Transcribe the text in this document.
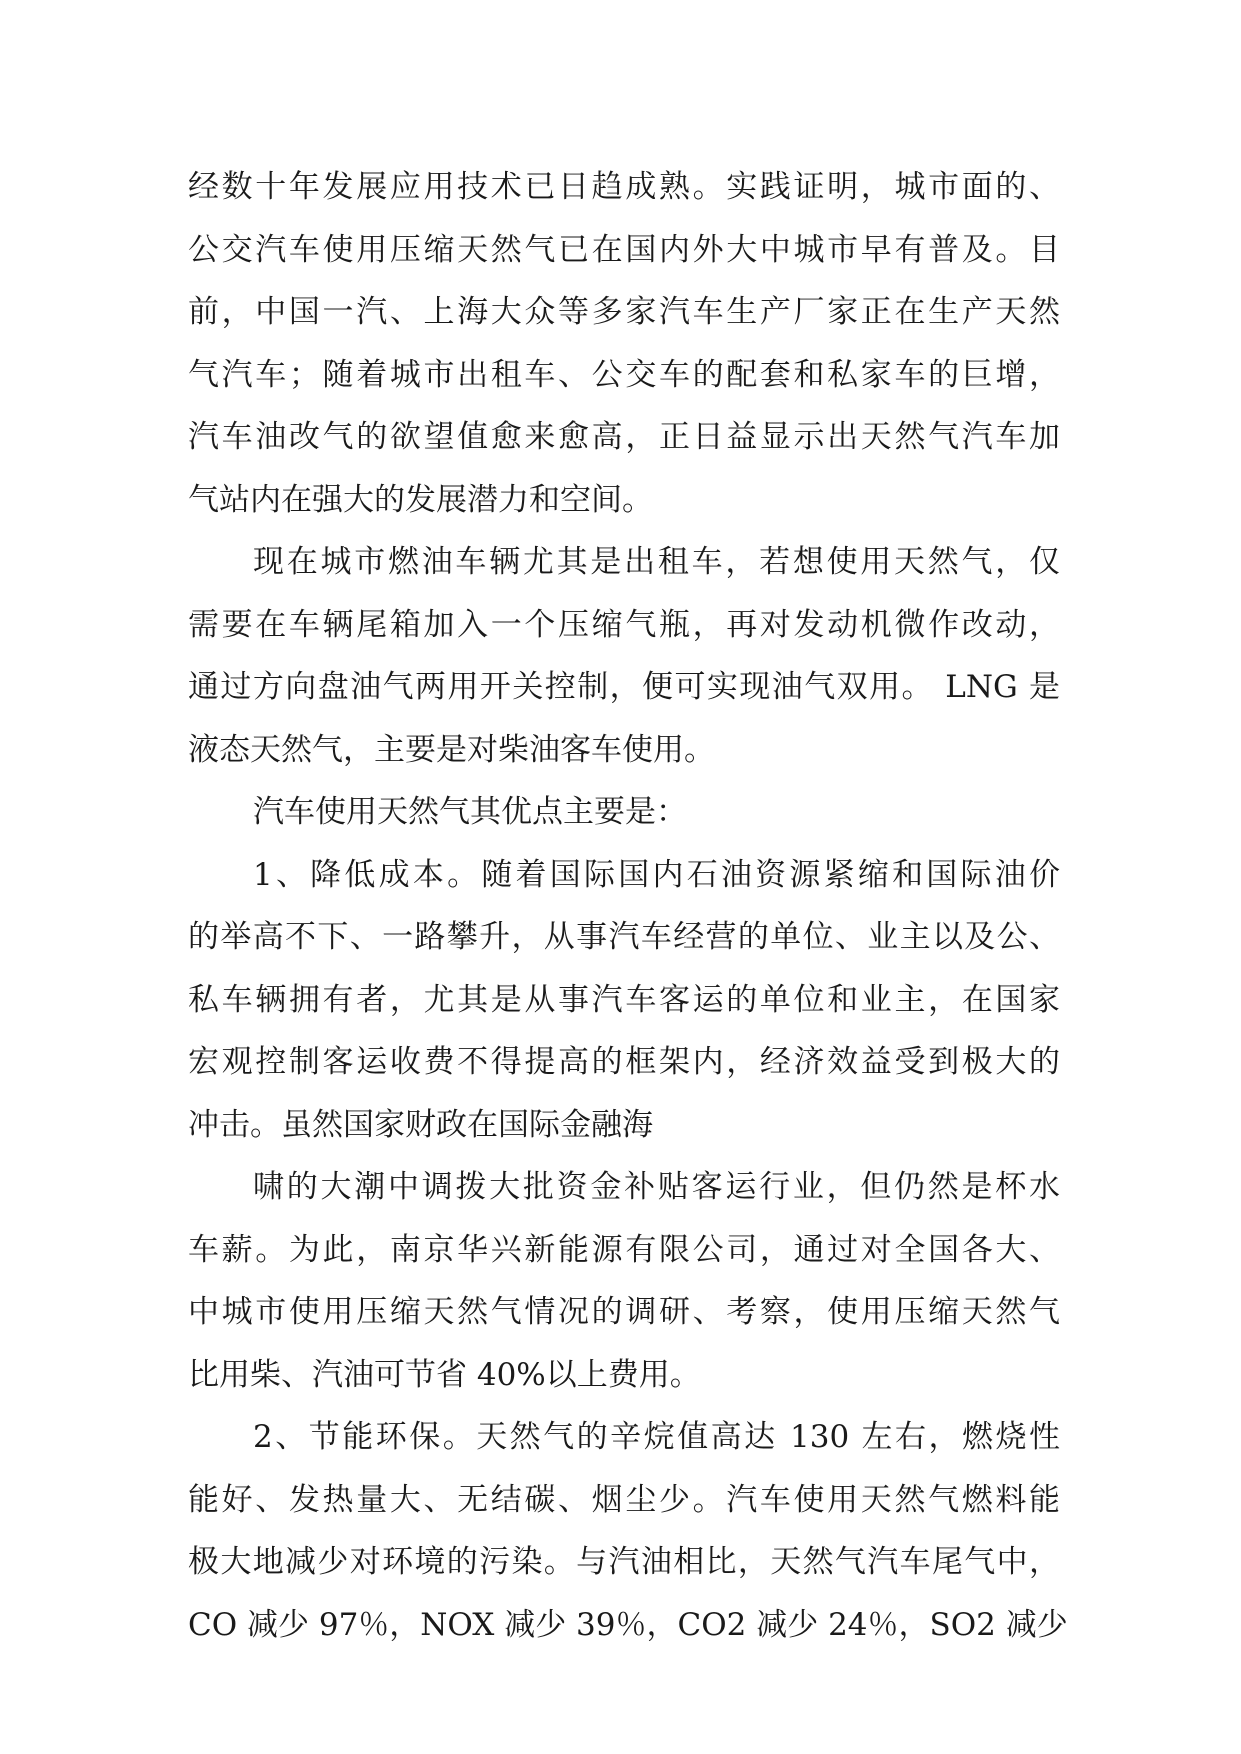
经数十年发展应用技术已日趋成熟。实践证明，城市面的、
公交汽车使用压缩天然气已在国内外大中城市早有普及。目
前，中国一汽、上海大众等多家汽车生产厂家正在生产天然
气汽车；随着城市出租车、公交车的配套和私家车的巨增，
汽车油改气的欲望值愈来愈高，正日益显示出天然气汽车加
气站内在强大的发展潜力和空间。
现在城市燃油车辆尤其是出租车，若想使用天然气，仅
需要在车辆尾箱加入一个压缩气瓶，再对发动机微作改动，
通过方向盘油气两用开关控制，便可实现油气双用。 LNG 是
液态天然气，主要是对柴油客车使用。
汽车使用天然气其优点主要是：
1、降低成本。随着国际国内石油资源紧缩和国际油价
的举高不下、一路攀升，从事汽车经营的单位、业主以及公、
私车辆拥有者，尤其是从事汽车客运的单位和业主，在国家
宏观控制客运收费不得提高的框架内，经济效益受到极大的
冲击。虽然国家财政在国际金融海
啸的大潮中调拨大批资金补贴客运行业，但仍然是杯水
车薪。为此，南京华兴新能源有限公司，通过对全国各大、
中城市使用压缩天然气情况的调研、考察，使用压缩天然气
比用柴、汽油可节省 40%以上费用。
2、节能环保。天然气的辛烷值高达 130 左右，燃烧性
能好、发热量大、无结碳、烟尘少。汽车使用天然气燃料能
极大地减少对环境的污染。与汽油相比，天然气汽车尾气中，
CO 减少 97％，NOX 减少 39％，CO2 减少 24％，SO2 减少
